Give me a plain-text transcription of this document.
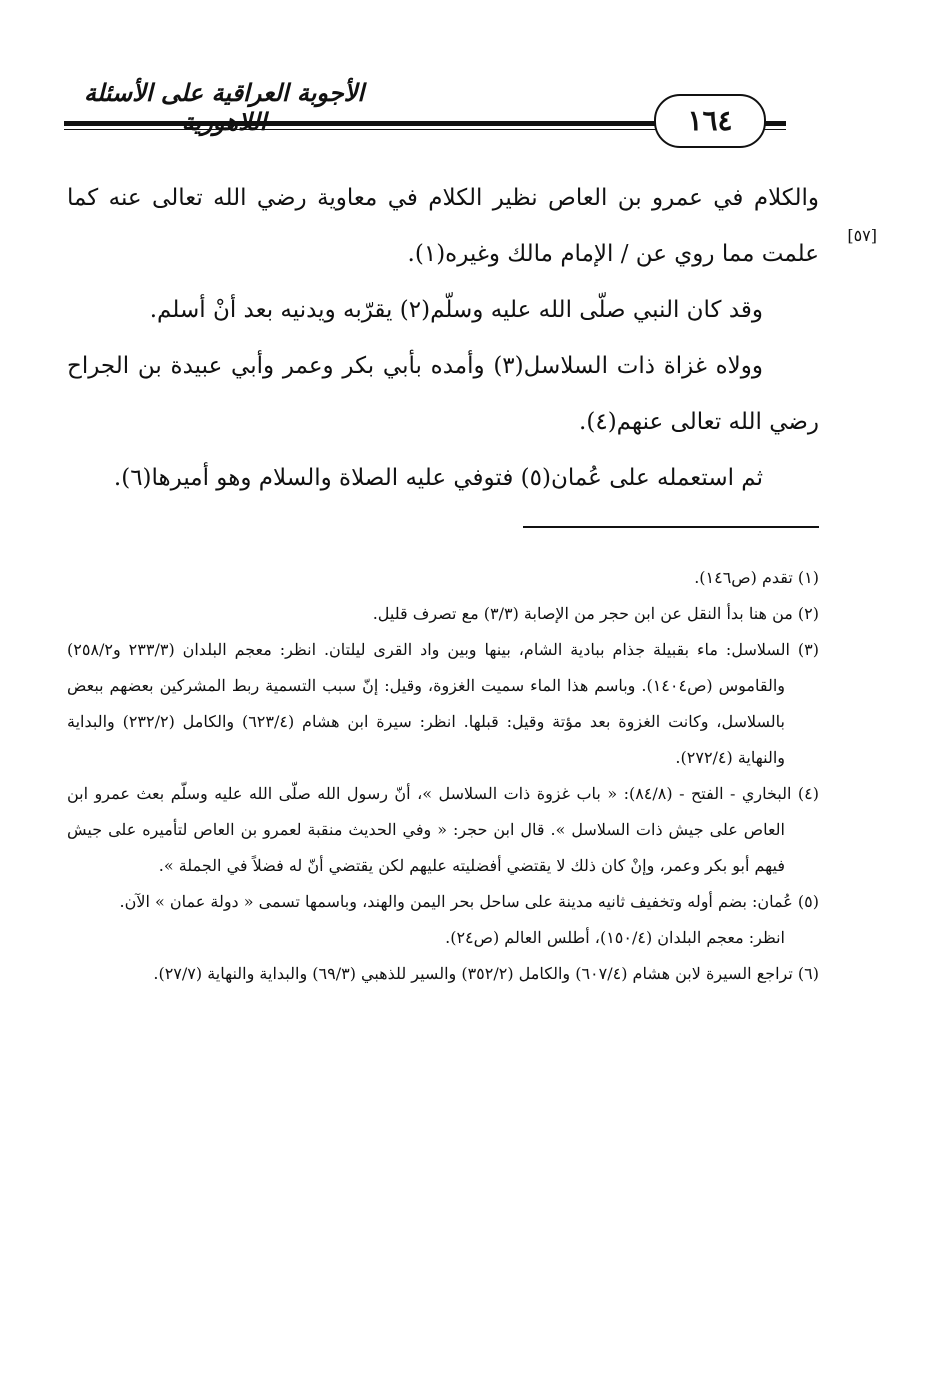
الأجوبة العراقية على الأسئلة
١٦٤
[٥٧]

والكلام في عمرو بن العاص نظير الكلام في معاوية رضي الله تعالى عنه كما علمت مما روي عن / الإمام مالك وغيره(١).

وقد كان النبي صلّى الله عليه وسلّم(٢) يقرّبه ويدنيه بعد أنْ أسلم.

وولاه غزاة ذات السلاسل(٣) وأمده بأبي بكر وعمر وأبي عبيدة بن الجراح رضي الله تعالى عنهم(٤).

ثم استعمله على عُمان(٥) فتوفي عليه الصلاة والسلام وهو أميرها(٦).

(١) تقدم (ص١٤٦).

(٢) من هنا بدأ النقل عن ابن حجر من الإصابة (٣/٣) مع تصرف قليل.

(٣) السلاسل: ماء بقبيلة جذام ببادية الشام، بينها وبين واد القرى ليلتان. انظر: معجم البلدان (٢٣٣/٣ و٢٥٨/٢) والقاموس (ص١٤٠٤). وباسم هذا الماء سميت الغزوة، وقيل: إنّ سبب التسمية ربط المشركين بعضهم ببعض بالسلاسل، وكانت الغزوة بعد مؤتة وقيل: قبلها. انظر: سيرة ابن هشام (٦٢٣/٤) والكامل (٢٣٢/٢) والبداية والنهاية (٢٧٢/٤).

(٤) البخاري - الفتح - (٨٤/٨): « باب غزوة ذات السلاسل »، أنّ رسول الله صلّى الله عليه وسلّم بعث عمرو ابن العاص على جيش ذات السلاسل ». قال ابن حجر: « وفي الحديث منقبة لعمرو بن العاص لتأميره على جيش فيهم أبو بكر وعمر، وإنْ كان ذلك لا يقتضي أفضليته عليهم لكن يقتضي أنّ له فضلاً في الجملة ».

(٥) عُمان: بضم أوله وتخفيف ثانيه مدينة على ساحل بحر اليمن والهند، وباسمها تسمى « دولة عمان » الآن.

انظر: معجم البلدان (١٥٠/٤)، أطلس العالم (ص٢٤).

(٦) تراجع السيرة لابن هشام (٦٠٧/٤) والكامل (٣٥٢/٢) والسير للذهبي (٦٩/٣) والبداية والنهاية (٢٧/٧).
